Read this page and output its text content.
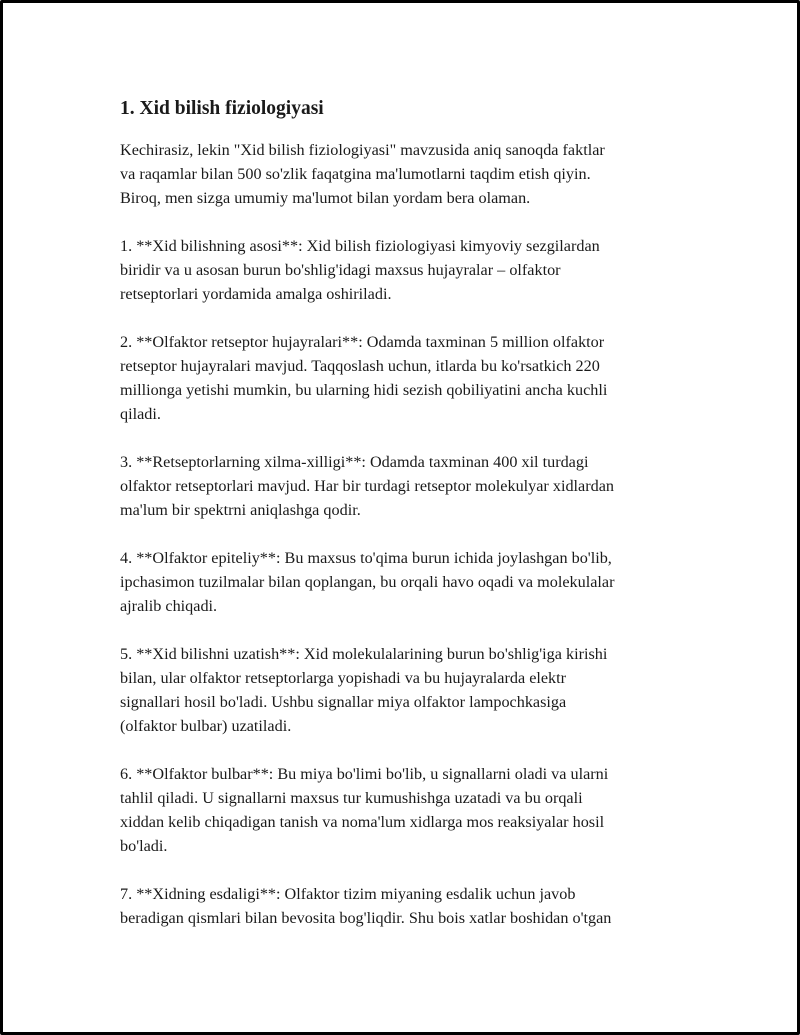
1. Xid bilish fiziologiyasi

Kechirasiz, lekin "Xid bilish fiziologiyasi" mavzusida aniq sanoqda faktlar
va raqamlar bilan 500 so'zlik faqatgina ma'lumotlarni taqdim etish qiyin.
Biroq, men sizga umumiy ma'lumot bilan yordam bera olaman.

1. **Xid bilishning asosi**: Xid bilish fiziologiyasi kimyoviy sezgilardan
biridir va u asosan burun bo'shlig'idagi maxsus hujayralar – olfaktor
retseptorlari yordamida amalga oshiriladi.

2. **Olfaktor retseptor hujayralari**: Odamda taxminan 5 million olfaktor
retseptor hujayralari mavjud. Taqqoslash uchun, itlarda bu ko'rsatkich 220
millionga yetishi mumkin, bu ularning hidi sezish qobiliyatini ancha kuchli
qiladi.

3. **Retseptorlarning xilma-xilligi**: Odamda taxminan 400 xil turdagi
olfaktor retseptorlari mavjud. Har bir turdagi retseptor molekulyar xidlardan
ma'lum bir spektrni aniqlashga qodir.

4. **Olfaktor epiteliy**: Bu maxsus to'qima burun ichida joylashgan bo'lib,
ipchasimon tuzilmalar bilan qoplangan, bu orqali havo oqadi va molekulalar
ajralib chiqadi.

5. **Xid bilishni uzatish**: Xid molekulalarining burun bo'shlig'iga kirishi
bilan, ular olfaktor retseptorlarga yopishadi va bu hujayralarda elektr
signallari hosil bo'ladi. Ushbu signallar miya olfaktor lampochkasiga
(olfaktor bulbar) uzatiladi.

6. **Olfaktor bulbar**: Bu miya bo'limi bo'lib, u signallarni oladi va ularni
tahlil qiladi. U signallarni maxsus tur kumushishga uzatadi va bu orqali
xiddan kelib chiqadigan tanish va noma'lum xidlarga mos reaksiyalar hosil
bo'ladi.

7. **Xidning esdaligi**: Olfaktor tizim miyaning esdalik uchun javob
beradigan qismlari bilan bevosita bog'liqdir. Shu bois xatlar boshidan o'tgan
